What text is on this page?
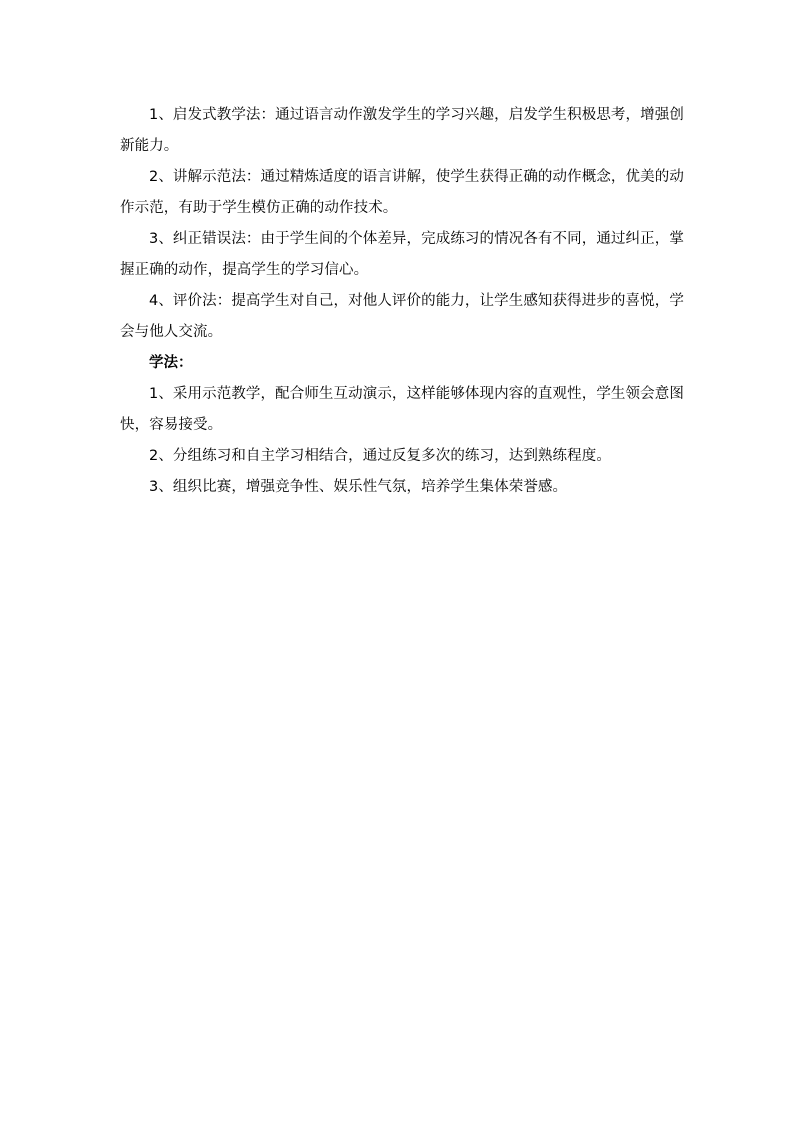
1、启发式教学法：通过语言动作激发学生的学习兴趣，启发学生积极思考，增强创新能力。

2、讲解示范法：通过精炼适度的语言讲解，使学生获得正确的动作概念，优美的动作示范，有助于学生模仿正确的动作技术。

3、纠正错误法：由于学生间的个体差异，完成练习的情况各有不同，通过纠正，掌握正确的动作，提高学生的学习信心。

4、评价法：提高学生对自己，对他人评价的能力，让学生感知获得进步的喜悦，学会与他人交流。

学法：

1、采用示范教学，配合师生互动演示，这样能够体现内容的直观性，学生领会意图快，容易接受。

2、分组练习和自主学习相结合，通过反复多次的练习，达到熟练程度。

3、组织比赛，增强竞争性、娱乐性气氛，培养学生集体荣誉感。
